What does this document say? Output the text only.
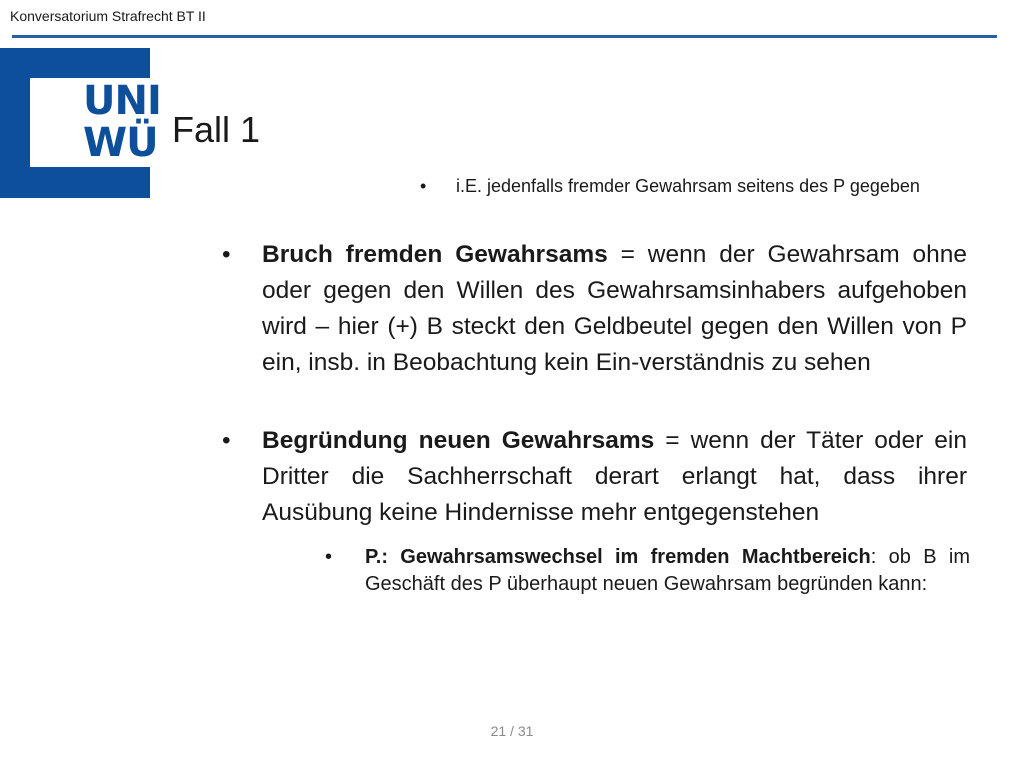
Konversatorium Strafrecht BT II
UNI
WÜ Fall 1
•	i.E. jedenfalls fremder Gewahrsam seitens des P gegeben
•	Bruch fremden Gewahrsams = wenn der Gewahrsam ohne oder gegen den Willen des Gewahrsamsinhabers aufgehoben wird – hier (+) B steckt den Geldbeutel gegen den Willen von P ein, insb. in Beobachtung kein Ein-verständnis zu sehen
•	Begründung neuen Gewahrsams = wenn der Täter oder ein Dritter die Sachherrschaft derart erlangt hat, dass ihrer Ausübung keine Hindernisse mehr entgegenstehen
•	P.: Gewahrsamswechsel im fremden Machtbereich: ob B im Geschäft des P überhaupt neuen Gewahrsam begründen kann:
21 / 31
